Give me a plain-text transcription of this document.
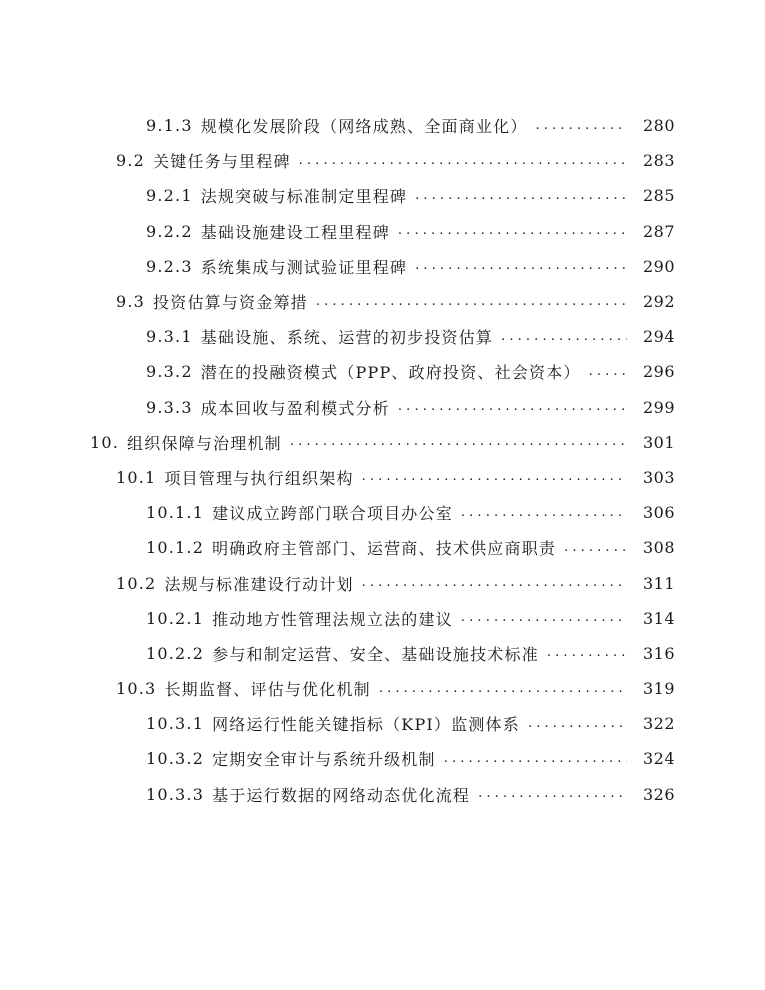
9.1.3 规模化发展阶段（网络成熟、全面商业化） . . .	280
9.2 关键任务与里程碑 . . .	283
9.2.1 法规突破与标准制定里程碑 . . .	285
9.2.2 基础设施建设工程里程碑 . . .	287
9.2.3 系统集成与测试验证里程碑 . . .	290
9.3 投资估算与资金筹措 . . .	292
9.3.1 基础设施、系统、运营的初步投资估算 . . .	294
9.3.2 潜在的投融资模式（PPP、政府投资、社会资本） . . .	296
9.3.3 成本回收与盈利模式分析 . . .	299
10. 组织保障与治理机制 . . .	301
10.1 项目管理与执行组织架构 . . .	303
10.1.1 建议成立跨部门联合项目办公室 . . .	306
10.1.2 明确政府主管部门、运营商、技术供应商职责 . . .	308
10.2 法规与标准建设行动计划 . . .	311
10.2.1 推动地方性管理法规立法的建议 . . .	314
10.2.2 参与和制定运营、安全、基础设施技术标准 . . .	316
10.3 长期监督、评估与优化机制 . . .	319
10.3.1 网络运行性能关键指标（KPI）监测体系 . . .	322
10.3.2 定期安全审计与系统升级机制 . . .	324
10.3.3 基于运行数据的网络动态优化流程 . . .	326
